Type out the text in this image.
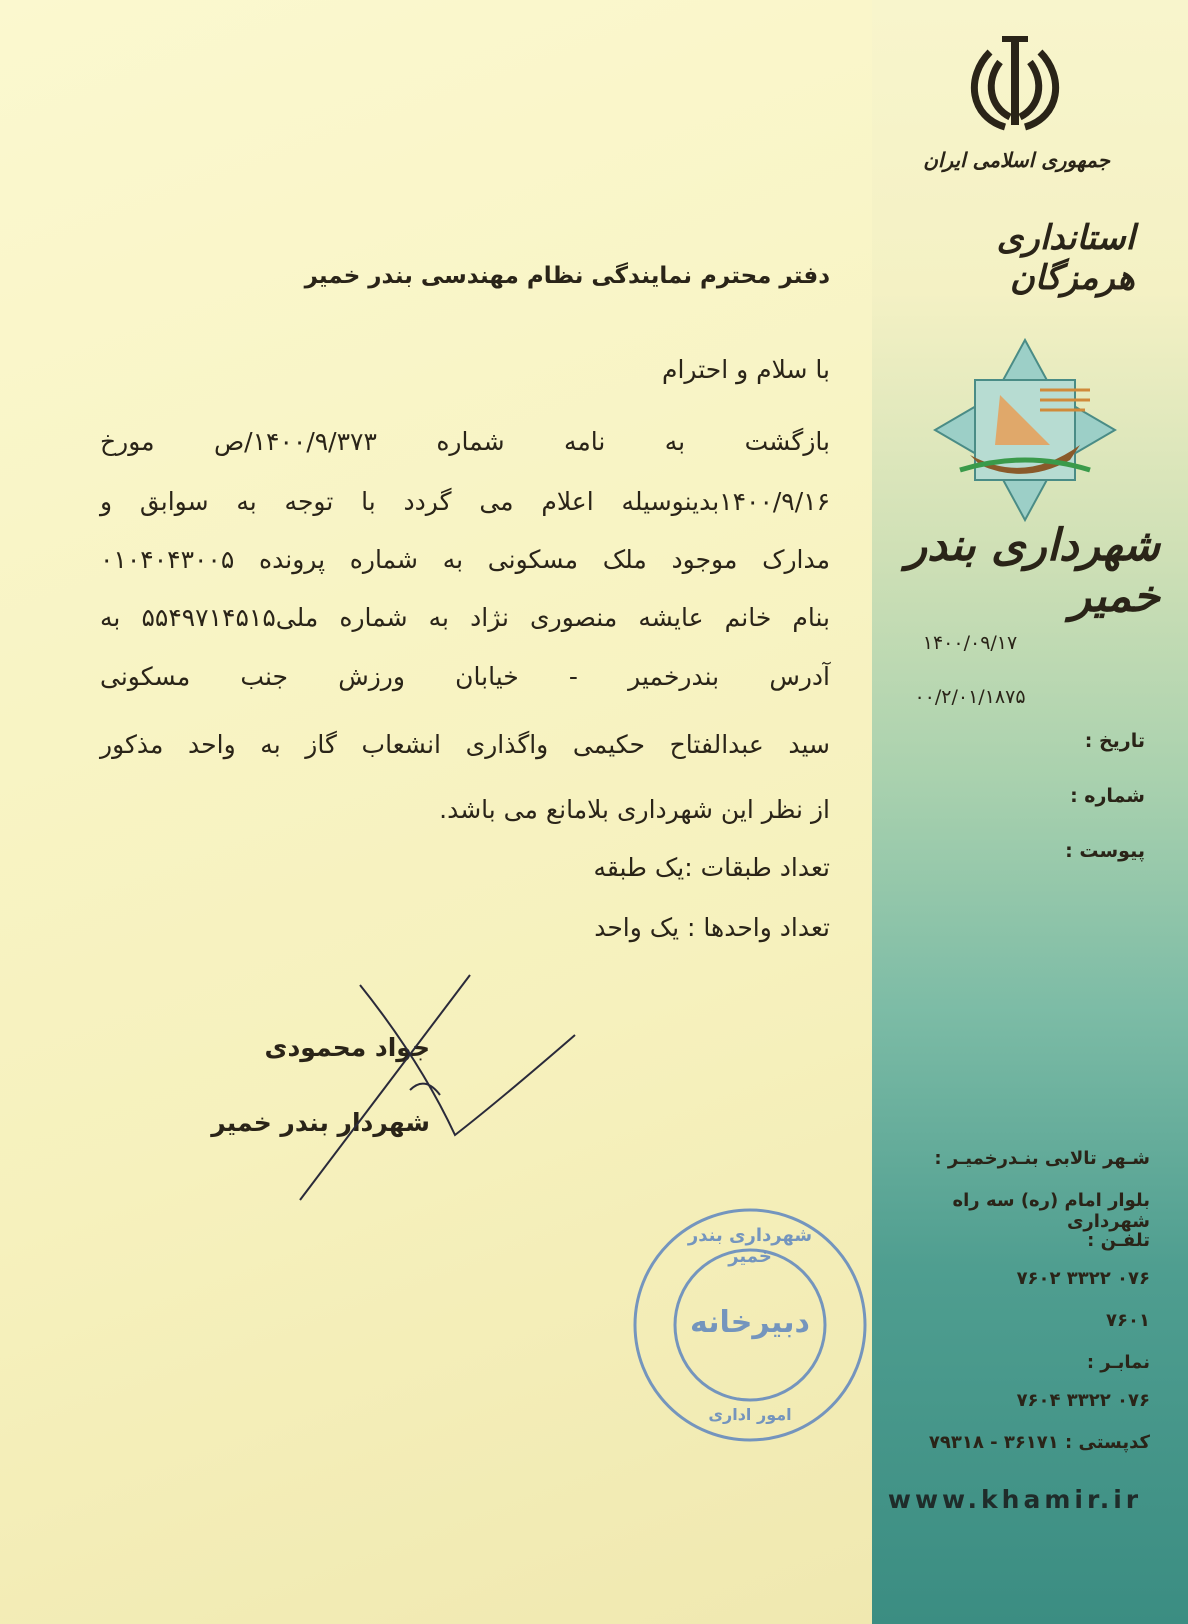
جمهوری اسلامی ایران
استانداری هرمزگان
شهرداری بندر خمیر
۱۴۰۰/۰۹/۱۷
۰۰/۲/۰۱/۱۸۷۵
تاریخ :
شماره :
پیوست :
دفتر محترم نمایندگی نظام مهندسی بندر خمیر
با سلام و احترام
بازگشت به نامه شماره ۱۴۰۰/۹/۳۷۳/ص مورخ
۱۴۰۰/۹/۱۶بدینوسیله اعلام می گردد با توجه به سوابق و
مدارک موجود ملک مسکونی به شماره پرونده ۰۱۰۴۰۴۳۰۰۵
بنام خانم عایشه منصوری نژاد به شماره ملی۵۵۴۹۷۱۴۵۱۵ به
آدرس بندرخمیر - خیابان ورزش جنب مسکونی
سید عبدالفتاح حکیمی واگذاری انشعاب گاز به واحد مذکور
از نظر این شهرداری بلامانع می باشد.
تعداد طبقات :یک طبقه
تعداد واحدها : یک واحد
جواد محمودی
شهردار بندر خمیر
شهرداری بندر خمیر
دبیرخانه
امور اداری
شـهر تالابی بنـدرخمیـر :
بلوار امام (ره) سه راه شهرداری
تلفـن :
۰۷۶ ۳۳۲۲ ۷۶۰۲
۷۶۰۱
نمابـر :
۰۷۶ ۳۳۲۲ ۷۶۰۴
کدپستی : ۳۶۱۷۱ - ۷۹۳۱۸
www.khamir.ir
